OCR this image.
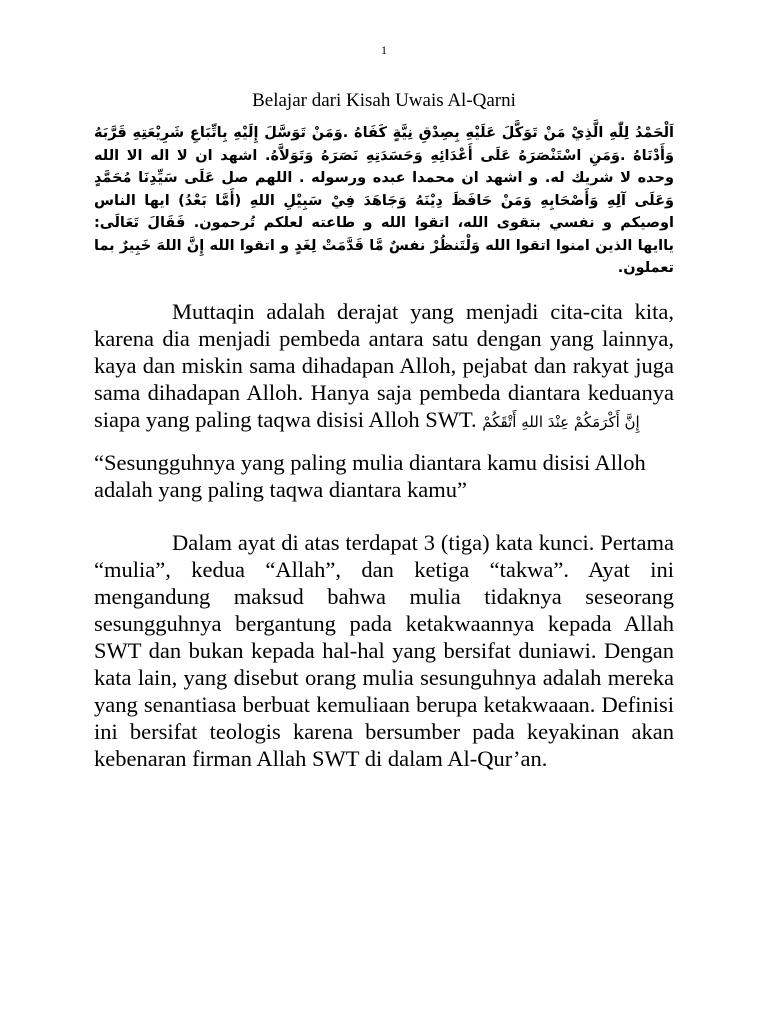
1
Belajar dari Kisah Uwais Al-Qarni
اَلْحَمْدُ لِلّٰهِ الَّذِيْ مَنْ تَوَكَّلَ عَلَيْهِ بِصِدْقِ نِيَّةٍ كَفَاهُ .وَمَنْ تَوَسَّلَ إِلَيْهِ بِاتِّبَاعِ شَرِيْعَتِهِ قَرَّبَهُ وَأَدْنَاهُ .وَمَنِ اسْتَنْصَرَهُ عَلَى أَعْدَائِهِ وَحَسَدَتِهِ نَصَرَهُ وَتَوَلاَّهُ. اشهد ان لا اله الا الله وحده لا شريك له. و اشهد ان محمدا عبده ورسوله . اللهم صل عَلَى سَيِّدِنَا مُحَمَّدٍ وَعَلَى آلِهِ وَأَصْحَابِهِ وَمَنْ حَافَظَ دِيْنَهُ وَجَاهَدَ فِيْ سَبِيْلِ اللهِ (أَمَّا بَعْدُ) ايها الناس اوصيكم و نفسي بتقوى الله، اتقوا الله و طاعته لعلكم تُرحمون. فَقَالَ تَعَالَى: ياايها الذين امنوا اتقوا الله وَلْتَنظُرْ نفسٌ مَّا قَدَّمَتْ لِغَدٍ و اتقوا الله إِنَّ اللهَ خَبِيرٌ بما تعملون.

Muttaqin adalah derajat yang menjadi cita-cita kita, karena dia menjadi pembeda antara satu dengan yang lainnya, kaya dan miskin sama dihadapan Alloh, pejabat dan rakyat juga sama dihadapan Alloh. Hanya saja pembeda diantara keduanya siapa yang paling taqwa disisi Alloh SWT. إِنَّ أَكْرَمَكُمْ عِنْدَ اللهِ أَتْقَكُمْ

“Sesungguhnya yang paling mulia diantara kamu disisi Alloh adalah yang paling taqwa diantara kamu”

Dalam ayat di atas terdapat 3 (tiga) kata kunci. Pertama “mulia”, kedua “Allah”, dan ketiga “takwa”. Ayat ini mengandung maksud bahwa mulia tidaknya seseorang sesungguhnya bergantung pada ketakwaannya kepada Allah SWT dan bukan kepada hal-hal yang bersifat duniawi. Dengan kata lain, yang disebut orang mulia sesunguhnya adalah mereka yang senantiasa berbuat kemuliaan berupa ketakwaaan. Definisi ini bersifat teologis karena bersumber pada keyakinan akan kebenaran firman Allah SWT di dalam Al-Qur’an.
